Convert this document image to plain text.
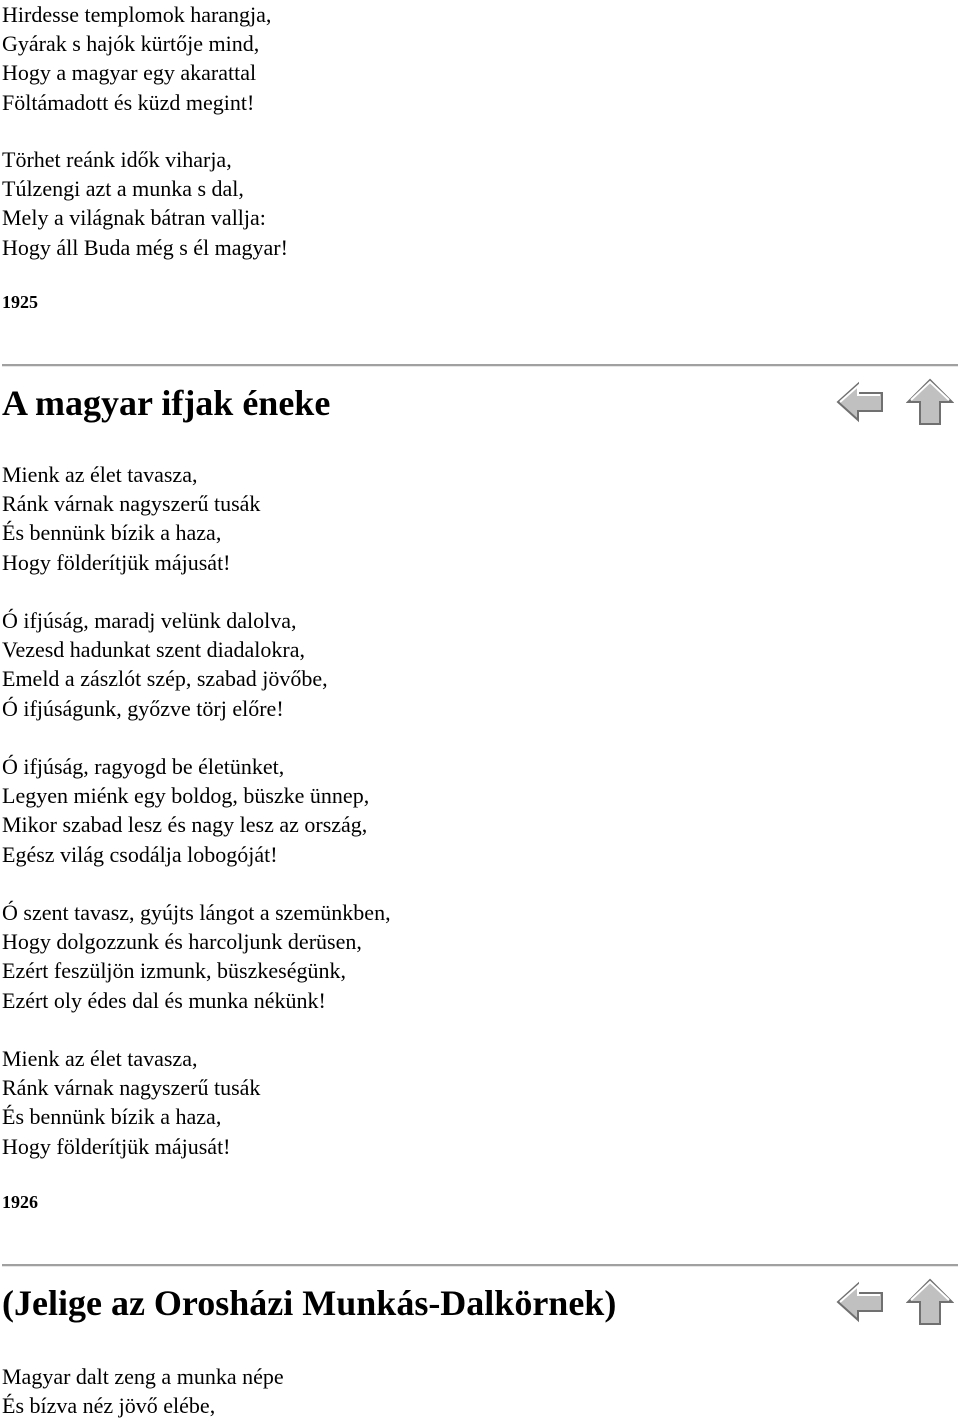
Hirdesse templomok harangja,
Gyárak s hajók kürtője mind,
Hogy a magyar egy akarattal
Föltámadott és küzd megint!
Törhet reánk idők viharja,
Túlzengi azt a munka s dal,
Mely a világnak bátran vallja:
Hogy áll Buda még s él magyar!
1925
A magyar ifjak éneke
Mienk az élet tavasza,
Ránk várnak nagyszerű tusák
És bennünk bízik a haza,
Hogy földerítjük májusát!
Ó ifjúság, maradj velünk dalolva,
Vezesd hadunkat szent diadalokra,
Emeld a zászlót szép, szabad jövőbe,
Ó ifjúságunk, győzve törj előre!
Ó ifjúság, ragyogd be életünket,
Legyen miénk egy boldog, büszke ünnep,
Mikor szabad lesz és nagy lesz az ország,
Egész világ csodálja lobogóját!
Ó szent tavasz, gyújts lángot a szemünkben,
Hogy dolgozzunk és harcoljunk derüsen,
Ezért feszüljön izmunk, büszkeségünk,
Ezért oly édes dal és munka nékünk!
Mienk az élet tavasza,
Ránk várnak nagyszerű tusák
És bennünk bízik a haza,
Hogy földerítjük májusát!
1926
(Jelige az Orosházi Munkás-Dalkörnek)
Magyar dalt zeng a munka népe
És bízva néz jövő elébe,
